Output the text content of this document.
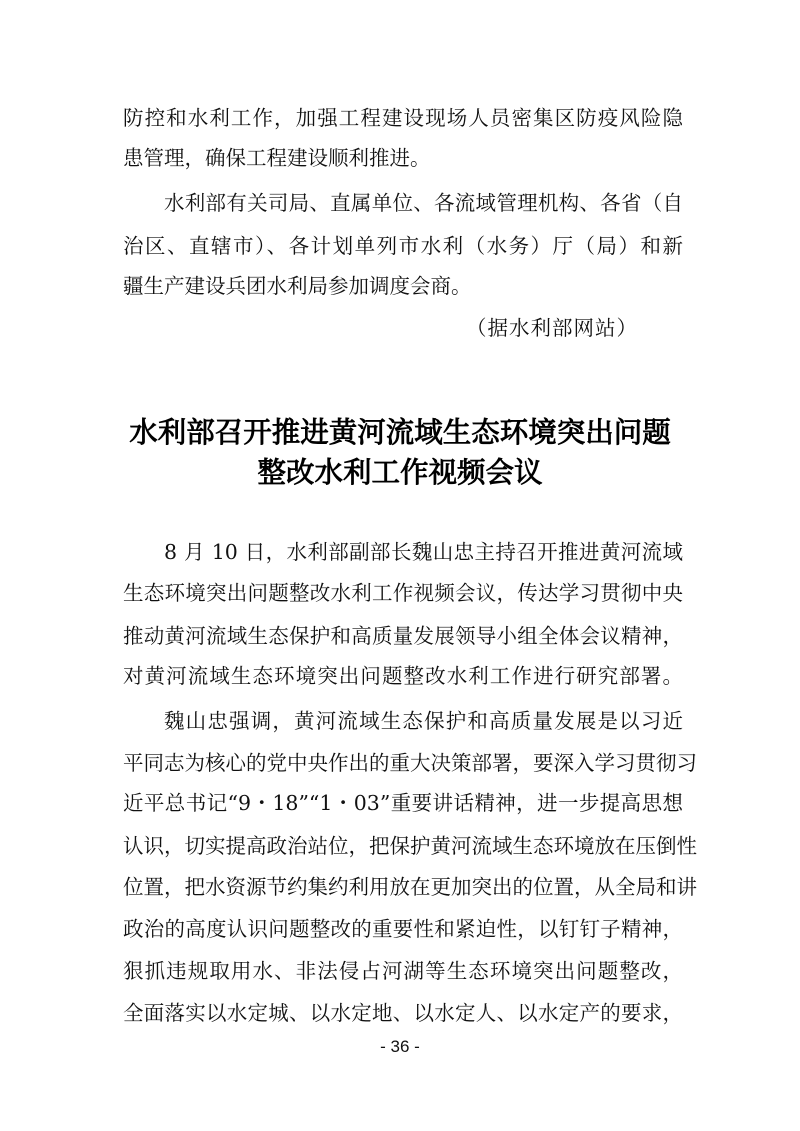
防控和水利工作，加强工程建设现场人员密集区防疫风险隐
患管理，确保工程建设顺利推进。
水利部有关司局、直属单位、各流域管理机构、各省（自
治区、直辖市）、各计划单列市水利（水务）厅（局）和新
疆生产建设兵团水利局参加调度会商。
（据水利部网站）
水利部召开推进黄河流域生态环境突出问题
整改水利工作视频会议
8 月 10 日，水利部副部长魏山忠主持召开推进黄河流域
生态环境突出问题整改水利工作视频会议，传达学习贯彻中央
推动黄河流域生态保护和高质量发展领导小组全体会议精神，
对黄河流域生态环境突出问题整改水利工作进行研究部署。
魏山忠强调，黄河流域生态保护和高质量发展是以习近
平同志为核心的党中央作出的重大决策部署，要深入学习贯彻习
近平总书记“9・18”“1・03”重要讲话精神，进一步提高思想
认识，切实提高政治站位，把保护黄河流域生态环境放在压倒性
位置，把水资源节约集约利用放在更加突出的位置，从全局和讲
政治的高度认识问题整改的重要性和紧迫性，以钉钉子精神，
狠抓违规取用水、非法侵占河湖等生态环境突出问题整改，
全面落实以水定城、以水定地、以水定人、以水定产的要求，
- 36 -
